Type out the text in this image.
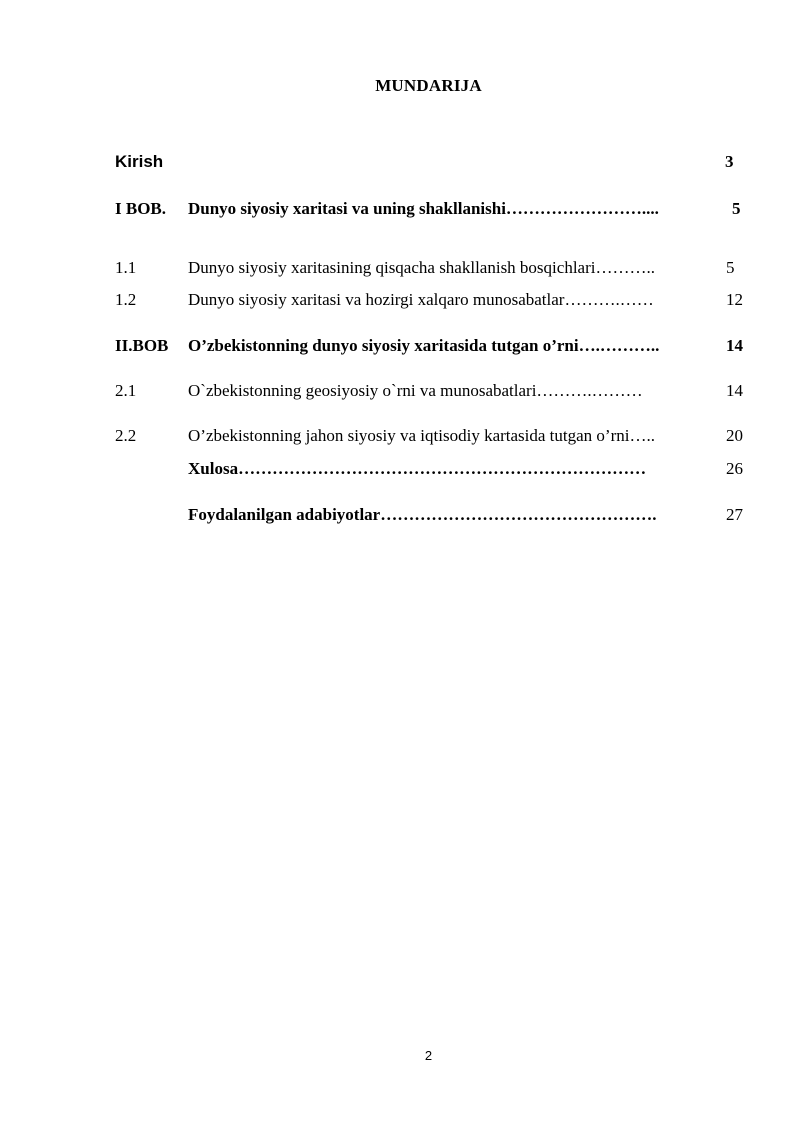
MUNDARIJA
Kirish	3
I BOB. Dunyo siyosiy xaritasi va uning shakllanishi……………………....	5
1.1	Dunyo siyosiy xaritasining qisqacha shakllanish bosqichlari………..	5
1.2	Dunyo siyosiy xaritasi va hozirgi xalqaro munosabatlar……….……	12
II.BOB O’zbekistonning dunyo siyosiy xaritasida tutgan o’rni….………..	14
2.1	O`zbekistonning geosiyosiy o`rni va munosabatlari……….………	14
2.2	O’zbekistonning jahon siyosiy va iqtisodiy kartasida tutgan o’rni…..	20
Xulosa………………………………………………………………	26
Foydalanilgan adabiyotlar………………………………………….	27
2
